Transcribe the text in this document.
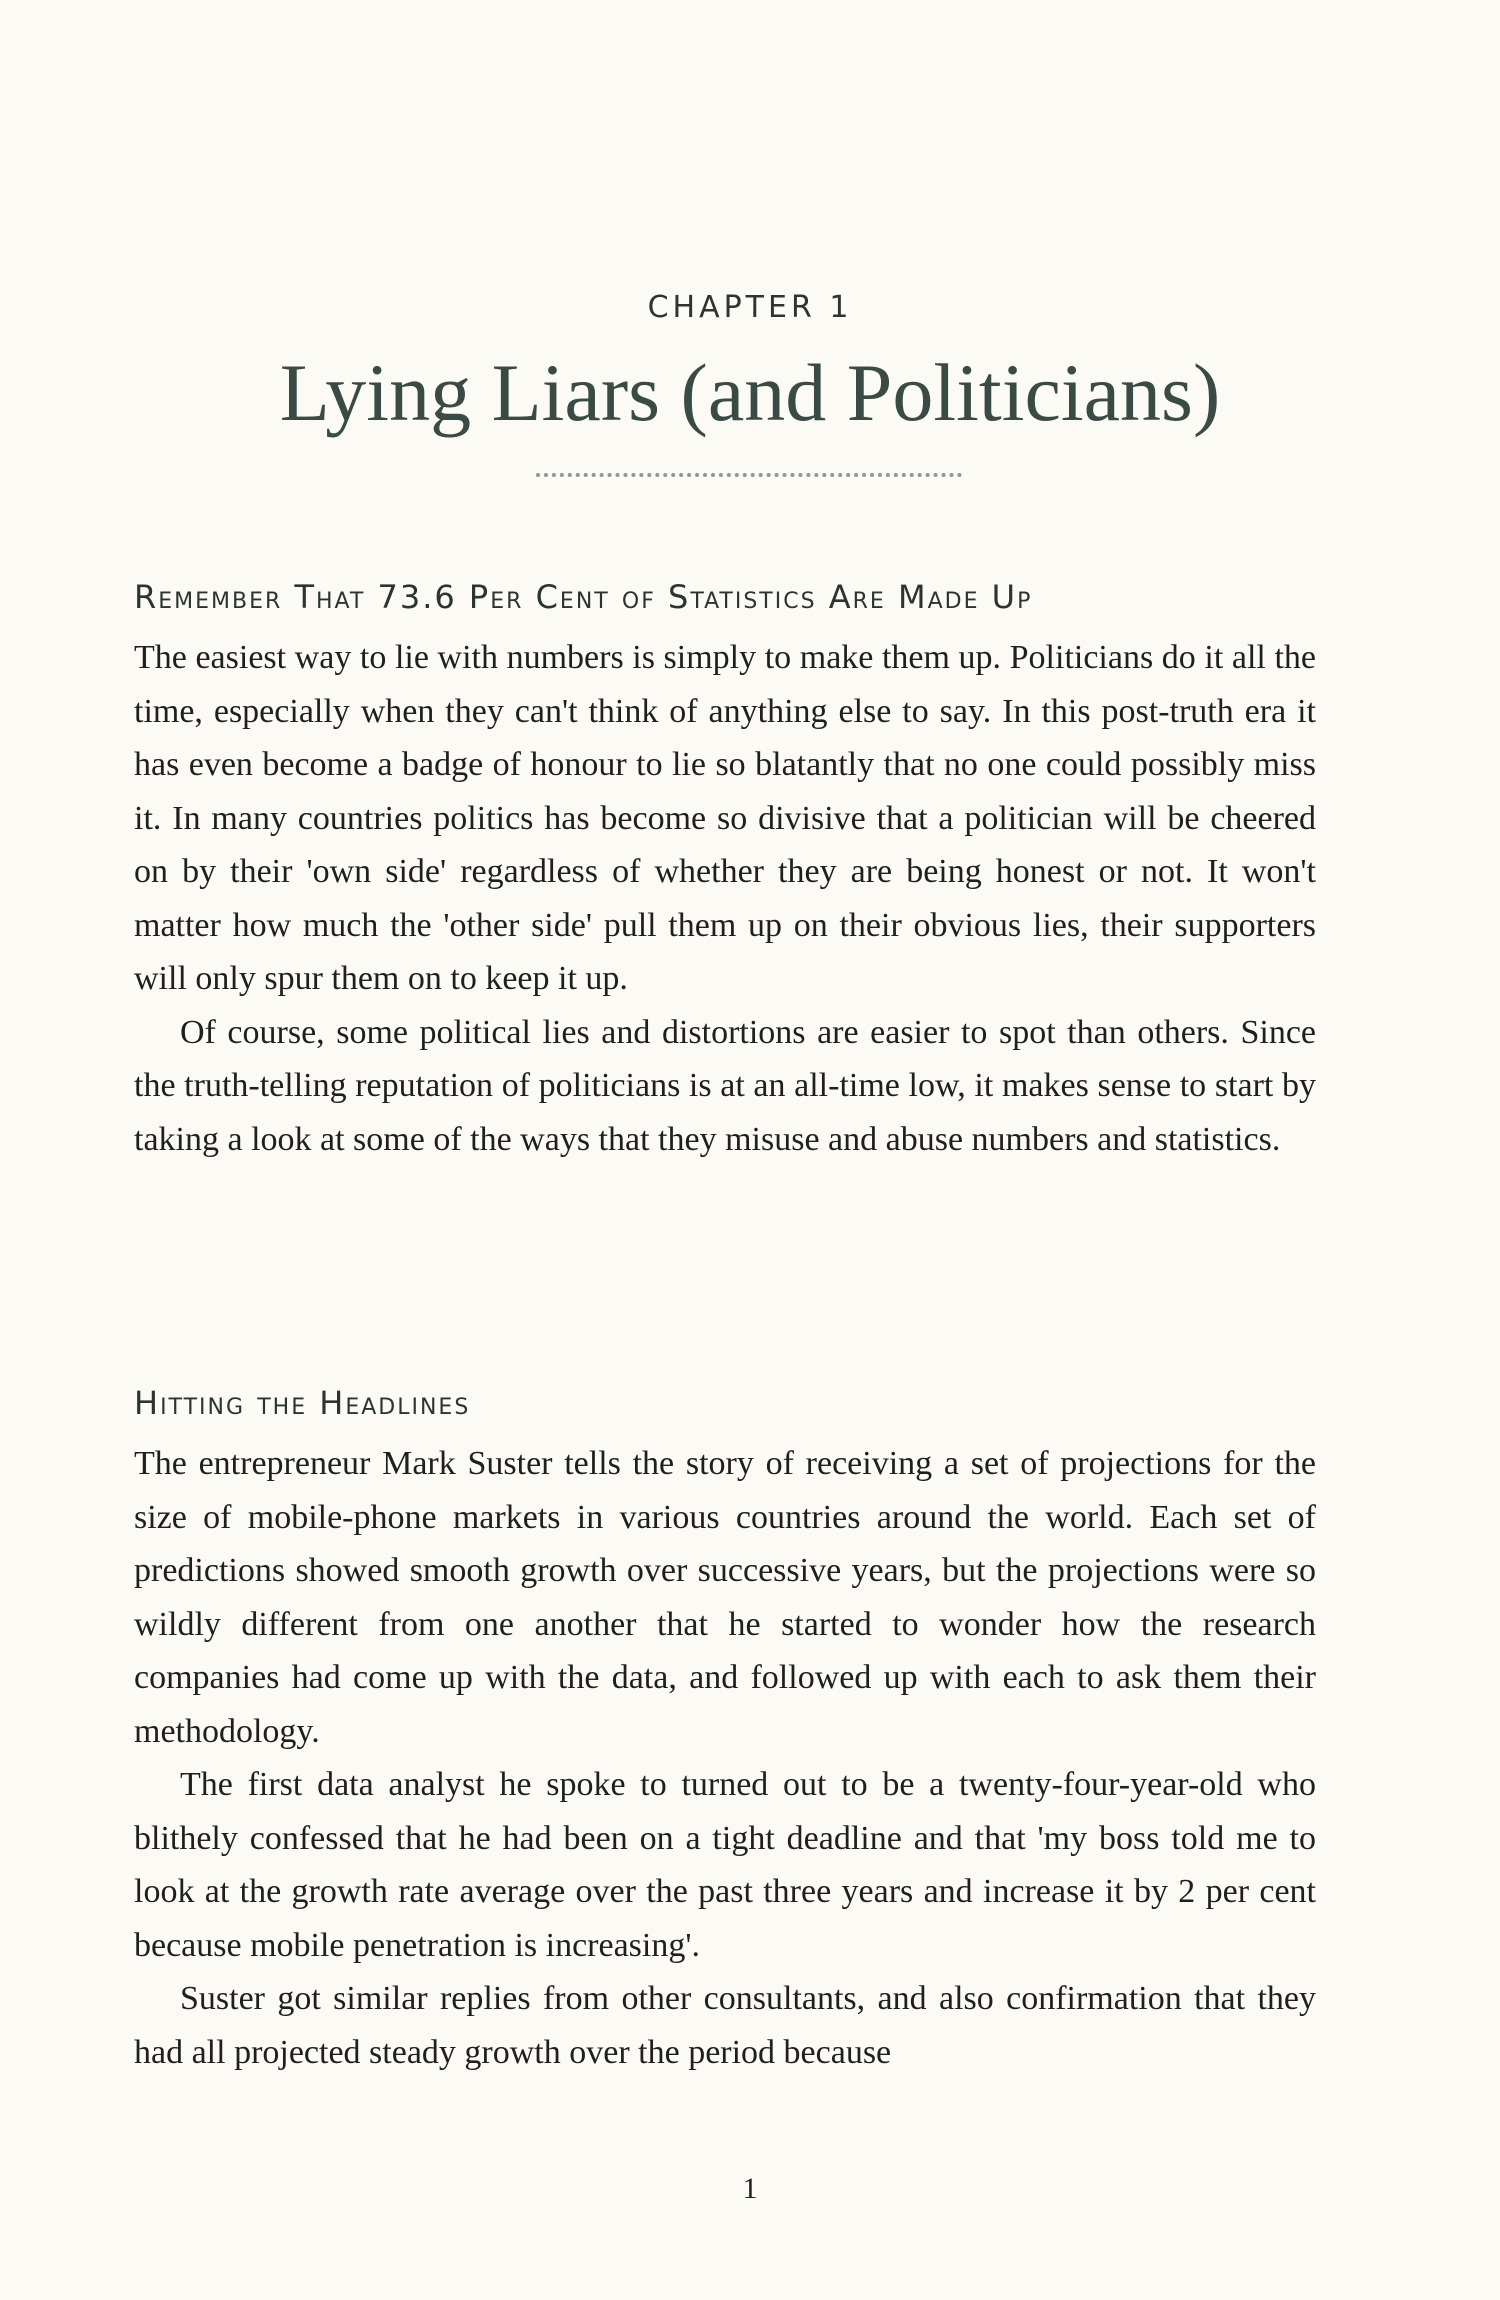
CHAPTER 1
Lying Liars (and Politicians)
Remember That 73.6 Per Cent of Statistics Are Made Up

The easiest way to lie with numbers is simply to make them up. Politicians do it all the time, especially when they can't think of anything else to say. In this post-truth era it has even become a badge of honour to lie so blatantly that no one could possibly miss it. In many countries politics has become so divisive that a politician will be cheered on by their 'own side' regardless of whether they are being honest or not. It won't matter how much the 'other side' pull them up on their obvious lies, their supporters will only spur them on to keep it up.

Of course, some political lies and distortions are easier to spot than others. Since the truth-telling reputation of politicians is at an all-time low, it makes sense to start by taking a look at some of the ways that they misuse and abuse numbers and statistics.

Hitting the Headlines

The entrepreneur Mark Suster tells the story of receiving a set of projections for the size of mobile-phone markets in various countries around the world. Each set of predictions showed smooth growth over successive years, but the projections were so wildly different from one another that he started to wonder how the research companies had come up with the data, and followed up with each to ask them their methodology.

The first data analyst he spoke to turned out to be a twenty-four-year-old who blithely confessed that he had been on a tight deadline and that 'my boss told me to look at the growth rate average over the past three years and increase it by 2 per cent because mobile penetration is increasing'.

Suster got similar replies from other consultants, and also confirmation that they had all projected steady growth over the period because

1
